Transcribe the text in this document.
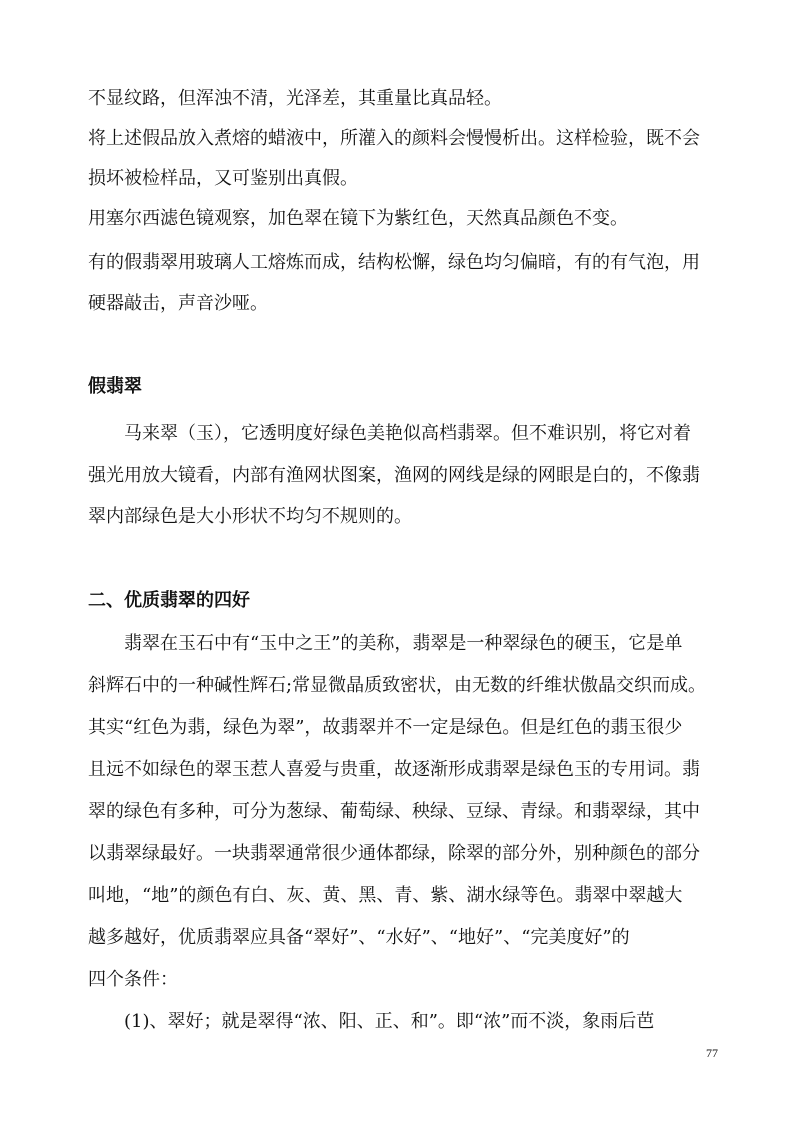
不显纹路，但浑浊不清，光泽差，其重量比真品轻。
将上述假品放入煮熔的蜡液中，所灌入的颜料会慢慢析出。这样检验，既不会
损坏被检样品，又可鉴别出真假。
用塞尔西滤色镜观察，加色翠在镜下为紫红色，天然真品颜色不变。
有的假翡翠用玻璃人工熔炼而成，结构松懈，绿色均匀偏暗，有的有气泡，用
硬器敲击，声音沙哑。
假翡翠
　　马来翠（玉），它透明度好绿色美艳似高档翡翠。但不难识别，将它对着
强光用放大镜看，内部有渔网状图案，渔网的网线是绿的网眼是白的，不像翡
翠内部绿色是大小形状不均匀不规则的。
二、优质翡翠的四好
　　翡翠在玉石中有“玉中之王”的美称，翡翠是一种翠绿色的硬玉，它是单
斜辉石中的一种碱性辉石;常显微晶质致密状，由无数的纤维状傲晶交织而成。
其实“红色为翡，绿色为翠”，故翡翠并不一定是绿色。但是红色的翡玉很少
且远不如绿色的翠玉惹人喜爱与贵重，故逐渐形成翡翠是绿色玉的专用词。翡
翠的绿色有多种，可分为葱绿、葡萄绿、秧绿、豆绿、青绿。和翡翠绿，其中
以翡翠绿最好。一块翡翠通常很少通体都绿，除翠的部分外，别种颜色的部分
叫地，“地”的颜色有白、灰、黄、黑、青、紫、湖水绿等色。翡翠中翠越大
越多越好，优质翡翠应具备“翠好”、“水好”、“地好”、“完美度好”的
四个条件：
　　(1)、翠好；就是翠得“浓、阳、正、和”。即“浓”而不淡，象雨后芭
77
